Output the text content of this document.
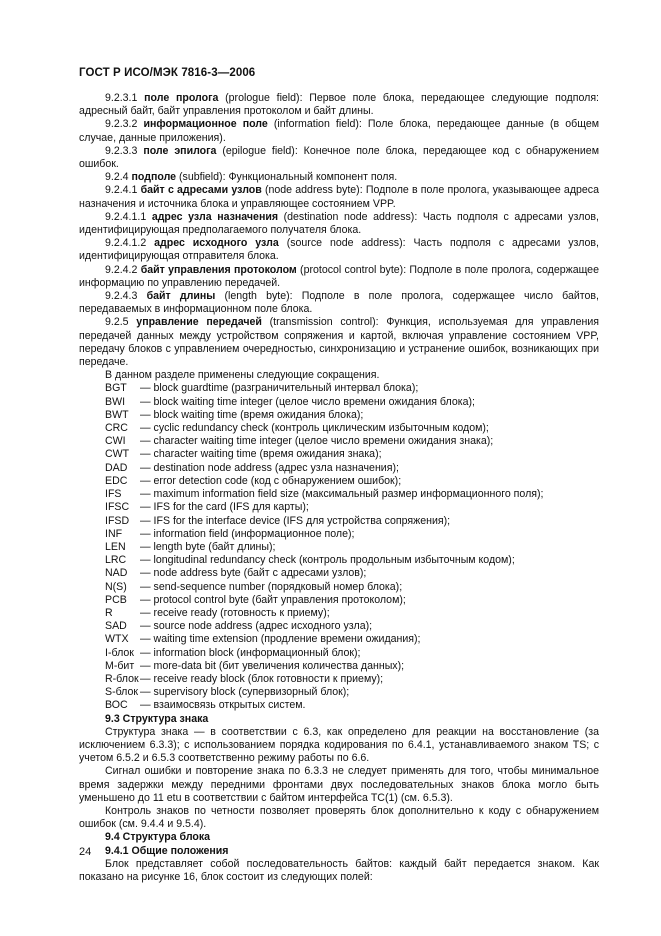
ГОСТ Р ИСО/МЭК 7816-3—2006

9.2.3.1 поле пролога (prologue field): Первое поле блока, передающее следующие подполя: адресный байт, байт управления протоколом и байт длины.

9.2.3.2 информационное поле (information field): Поле блока, передающее данные (в общем случае, данные приложения).

9.2.3.3 поле эпилога (epilogue field): Конечное поле блока, передающее код с обнаружением ошибок.

9.2.4 подполе (subfield): Функциональный компонент поля.

9.2.4.1 байт с адресами узлов (node address byte): Подполе в поле пролога, указывающее адреса назначения и источника блока и управляющее состоянием VPP.

9.2.4.1.1 адрес узла назначения (destination node address): Часть подполя с адресами узлов, идентифицирующая предполагаемого получателя блока.

9.2.4.1.2 адрес исходного узла (source node address): Часть подполя с адресами узлов, идентифицирующая отправителя блока.

9.2.4.2 байт управления протоколом (protocol control byte): Подполе в поле пролога, содержащее информацию по управлению передачей.

9.2.4.3 байт длины (length byte): Подполе в поле пролога, содержащее число байтов, передаваемых в информационном поле блока.

9.2.5 управление передачей (transmission control): Функция, используемая для управления передачей данных между устройством сопряжения и картой, включая управление состоянием VPP, передачу блоков с управлением очередностью, синхронизацию и устранение ошибок, возникающих при передаче.

В данном разделе применены следующие сокращения.

BGT — block guardtime (разграничительный интервал блока);

BWI — block waiting time integer (целое число времени ожидания блока);

BWT — block waiting time (время ожидания блока);

CRC — cyclic redundancy check (контроль циклическим избыточным кодом);

CWI — character waiting time integer (целое число времени ожидания знака);

CWT — character waiting time (время ожидания знака);

DAD — destination node address (адрес узла назначения);

EDC — error detection code (код с обнаружением ошибок);

IFS — maximum information field size (максимальный размер информационного поля);

IFSC — IFS for the card (IFS для карты);

IFSD — IFS for the interface device (IFS для устройства сопряжения);

INF — information field (информационное поле);

LEN — length byte (байт длины);

LRC — longitudinal redundancy check (контроль продольным избыточным кодом);

NAD — node address byte (байт с адресами узлов);

N(S) — send-sequence number (порядковый номер блока);

PCB — protocol control byte (байт управления протоколом);

R	— receive ready (готовность к приему);

SAD — source node address (адрес исходного узла);

WTX — waiting time extension (продление времени ожидания);

I-блок — information block (информационный блок);

M-бит — more-data bit (бит увеличения количества данных);

R-блок— receive ready block (блок готовности к приему);

S-блок — supervisory block (супервизорный блок);

ВОС — взаимосвязь открытых систем.

9.3 Структура знака

Структура знака — в соответствии с 6.3, как определено для реакции на восстановление (за исключением 6.3.3); с использованием порядка кодирования по 6.4.1, устанавливаемого знаком TS; с учетом 6.5.2 и 6.5.3 соответственно режиму работы по 6.6.

Сигнал ошибки и повторение знака по 6.3.3 не следует применять для того, чтобы минимальное время задержки между передними фронтами двух последовательных знаков блока могло быть уменьшено до 11 etu в соответствии с байтом интерфейса TC(1) (см. 6.5.3).

Контроль знаков по четности позволяет проверять блок дополнительно к коду с обнаружением ошибок (см. 9.4.4 и 9.5.4).

9.4 Структура блока

9.4.1 Общие положения

Блок представляет собой последовательность байтов: каждый байт передается знаком. Как показано на рисунке 16, блок состоит из следующих полей:

24
